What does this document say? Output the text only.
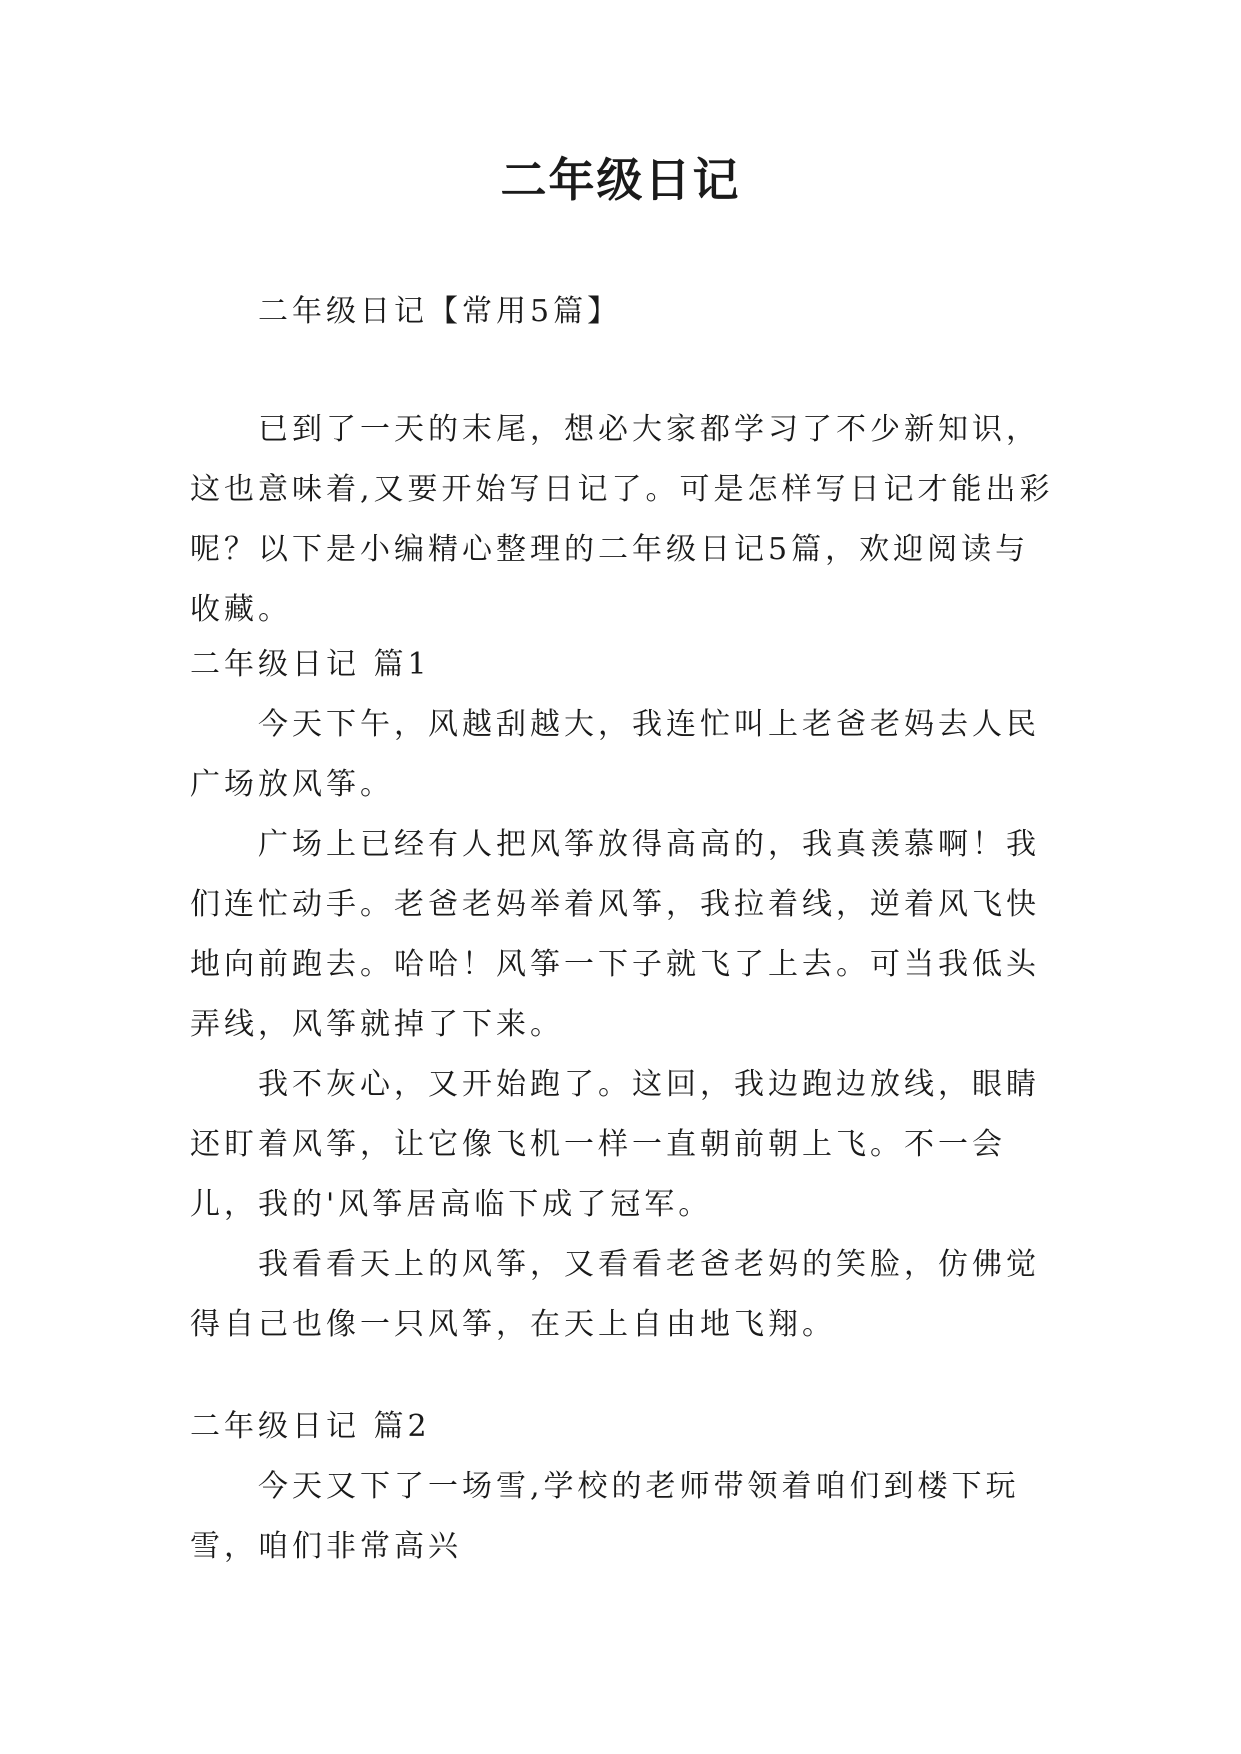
二年级日记
二年级日记【常用5篇】

已到了一天的末尾，想必大家都学习了不少新知识，这也意味着,又要开始写日记了。可是怎样写日记才能出彩呢？以下是小编精心整理的二年级日记5篇，欢迎阅读与收藏。

二年级日记 篇1

今天下午，风越刮越大，我连忙叫上老爸老妈去人民广场放风筝。

广场上已经有人把风筝放得高高的，我真羡慕啊！我们连忙动手。老爸老妈举着风筝，我拉着线，逆着风飞快地向前跑去。哈哈！风筝一下子就飞了上去。可当我低头弄线，风筝就掉了下来。

我不灰心，又开始跑了。这回，我边跑边放线，眼睛还盯着风筝，让它像飞机一样一直朝前朝上飞。不一会儿，我的'风筝居高临下成了冠军。

我看看天上的风筝，又看看老爸老妈的笑脸，仿佛觉得自己也像一只风筝，在天上自由地飞翔。

二年级日记 篇2

今天又下了一场雪,学校的老师带领着咱们到楼下玩雪，咱们非常高兴
